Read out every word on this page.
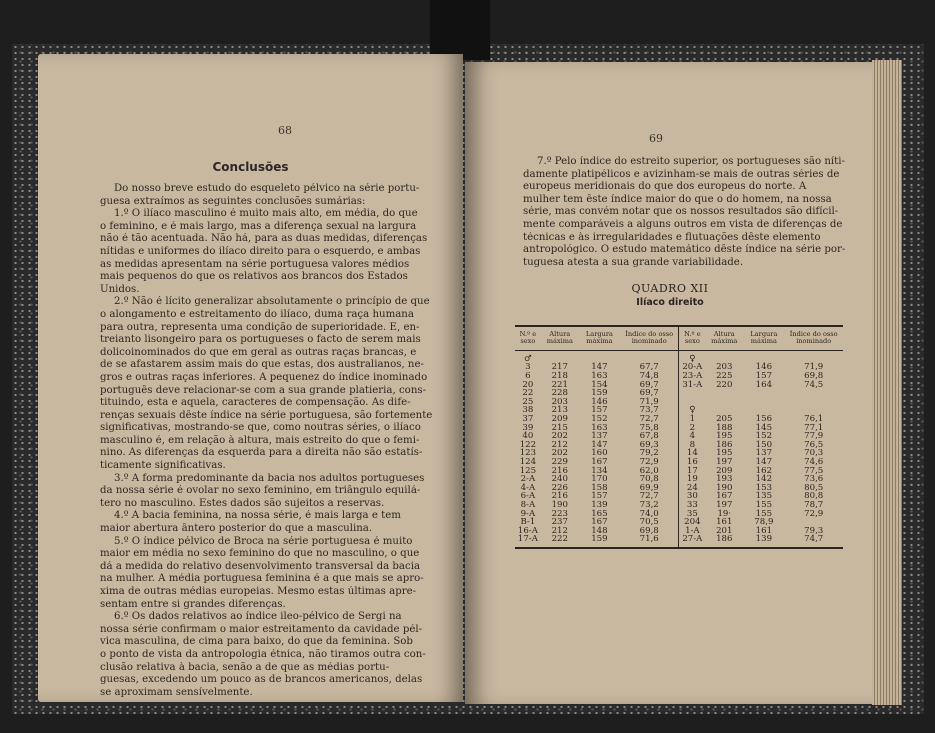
68
Conclusões
Do nosso breve estudo do esqueleto pélvico na série portu-
guesa extraímos as seguintes conclusões sumárias:
1.º O ilíaco masculino é muito mais alto, em média, do que
o feminino, e é mais largo, mas a diferença sexual na largura
não é tão acentuada. Não há, para as duas medidas, diferenças
nítidas e uniformes do ilíaco direito para o esquerdo, e ambas
as medidas apresentam na série portuguesa valores médios
mais pequenos do que os relativos aos brancos dos Estados
Unidos.
2.º Não é lícito generalizar absolutamente o princípio de que
o alongamento e estreitamento do ilíaco, duma raça humana
para outra, representa uma condição de superioridade. E, en-
treianto lisongeiro para os portugueses o facto de serem mais
dolicoinominados do que em geral as outras raças brancas, e
de se afastarem assim mais do que estas, dos australianos, ne-
gros e outras raças inferiores. A pequenez do índice inominado
português deve relacionar-se com a sua grande platieria, cons-
tituindo, esta e aquela, caracteres de compensação. As dife-
renças sexuais dêste índice na série portuguesa, são fortemente
significativas, mostrando-se que, como noutras séries, o ilíaco
masculino é, em relação à altura, mais estreito do que o femi-
nino. As diferenças da esquerda para a direita não são estatís-
ticamente significativas.
3.º A forma predominante da bacia nos adultos portugueses
da nossa série é ovolar no sexo feminino, em triângulo equilá-
tero no masculino. Estes dados são sujeitos a reservas.
4.º A bacia feminina, na nossa série, é mais larga e tem
maior abertura ântero posterior do que a masculina.
5.º O índice pélvico de Broca na série portuguesa é muito
maior em média no sexo feminino do que no masculino, o que
dá a medida do relativo desenvolvimento transversal da bacia
na mulher. A média portuguesa feminina é a que mais se apro-
xima de outras médias europeias. Mesmo estas últimas apre-
sentam entre si grandes diferenças.
6.º Os dados relativos ao índice ileo-pélvico de Sergi na
nossa série confirmam o maior estreitamento da cavidade pél-
vica masculina, de cima para baixo, do que da feminina. Sob
o ponto de vista da antropologia étnica, não tiramos outra con-
clusão relativa à bacia, senão a de que as médias portu-
guesas, excedendo um pouco as de brancos americanos, delas
se aproximam sensívelmente.
69
7.º Pelo índice do estreito superior, os portugueses são níti-
damente platipélicos e avizinham-se mais de outras séries de
europeus meridionais do que dos europeus do norte. A
mulher tem êste índice maior do que o do homem, na nossa
série, mas convém notar que os nossos resultados são difícil-
mente comparáveis a alguns outros em vista de diferenças de
técnicas e às irregularidades e flutuações dêste elemento
antropológico. O estudo matemático dêste índice na série por-
tuguesa atesta a sua grande variabilidade.
QUADRO XII
Ilíaco direito
N.º e sexo	Altura máxima	Largura máxima	Índice do osso inominado	N.º e sexo	Altura máxima	Largura máxima	Índice do osso inominado
♂				♀			
3	217	147	67,7	20-A	203	146	71,9
6	218	163	74,8	23-A	225	157	69,8
20	221	154	69,7	31-A	220	164	74,5
22	228	159	69,7				
25	203	146	71,9				
38	213	157	73,7	♀			
37	209	152	72,7	1	205	156	76,1
39	215	163	75,8	2	188	145	77,1
40	202	137	67,8	4	195	152	77,9
122	212	147	69,3	8	186	150	76,5
123	202	160	79,2	14	195	137	70,3
124	229	167	72,9	16	197	147	74,6
125	216	134	62,0	17	209	162	77,5
2-A	240	170	70,8	19	193	142	73,6
4-A	226	158	69,9	24	190	153	80,5
6-A	216	157	72,7	30	167	135	80,8
8-A	190	139	73,2	33	197	155	78,7
9-A	223	165	74,0	35	19·	155	72,9
B-1	237	167	70,5	204	161	78,9	
16-A	212	148	69,8	1-A	201	161	79,3
17-A	222	159	71,6	27-A	186	139	74,7
